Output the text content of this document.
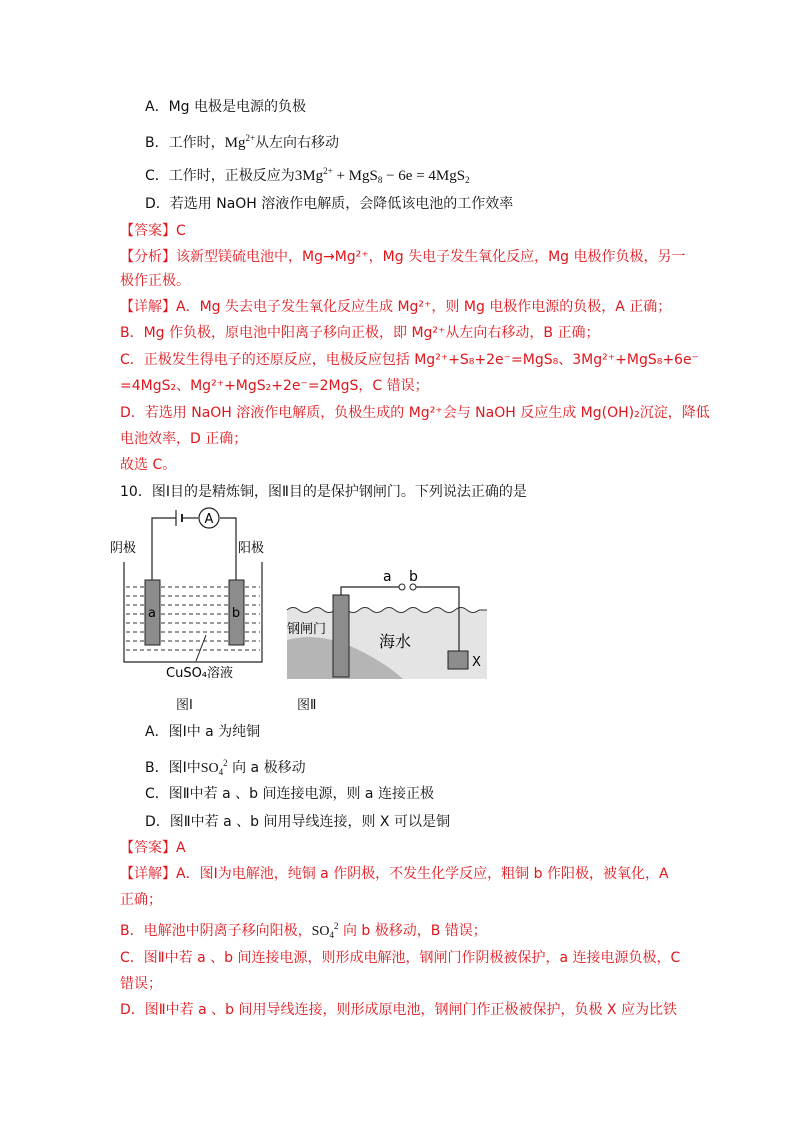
A．Mg 电极是电源的负极
B．工作时，$Mg^{2+}$从左向右移动
C．工作时，正极反应为$3Mg^{2+} + MgS_8 - 6e = 4MgS_2$
D．若选用 NaOH 溶液作电解质，会降低该电池的工作效率
【答案】C
【分析】该新型镁硫电池中，Mg→Mg²⁺，Mg 失电子发生氧化反应，Mg 电极作负极，另一
极作正极。
【详解】A．Mg 失去电子发生氧化反应生成 Mg²⁺，则 Mg 电极作电源的负极，A 正确；
B．Mg 作负极，原电池中阳离子移向正极，即 Mg²⁺从左向右移动，B 正确；
C．正极发生得电子的还原反应，电极反应包括 Mg²⁺+S₈+2e⁻=MgS₈、3Mg²⁺+MgS₈+6e⁻
=4MgS₂、Mg²⁺+MgS₂+2e⁻=2MgS，C 错误；
D．若选用 NaOH 溶液作电解质，负极生成的 Mg²⁺会与 NaOH 反应生成 Mg(OH)₂沉淀，降低
电池效率，D 正确；
故选 C。
10．图Ⅰ目的是精炼铜，图Ⅱ目的是保护钢闸门。下列说法正确的是
A
阴极	阳极
a	b
CuSO₄溶液
图Ⅰ
a b
钢闸门
海水
X
图Ⅱ
A．图Ⅰ中 a 为纯铜
B．图Ⅰ中$SO_4^2$ 向 a 极移动
C．图Ⅱ中若 a 、b 间连接电源，则 a 连接正极
D．图Ⅱ中若 a 、b 间用导线连接，则 X 可以是铜
【答案】A
【详解】A．图Ⅰ为电解池，纯铜 a 作阴极，不发生化学反应，粗铜 b 作阳极，被氧化，A
正确；
B．电解池中阴离子移向阳极，$SO_4^2$ 向 b 极移动，B 错误；
C．图Ⅱ中若 a 、b 间连接电源，则形成电解池，钢闸门作阴极被保护，a 连接电源负极，C
错误；
D．图Ⅱ中若 a 、b 间用导线连接，则形成原电池，钢闸门作正极被保护，负极 X 应为比铁
